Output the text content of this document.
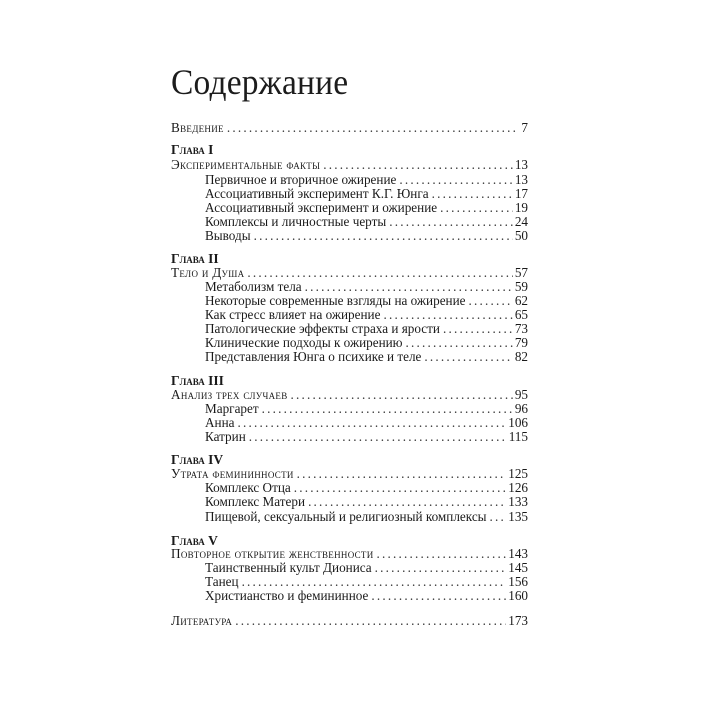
Содержание
Введение .....	7
Глава I
Экспериментальные факты .....	13
Первичное и вторичное ожирение .....	13
Ассоциативный эксперимент К.Г. Юнга .....	17
Ассоциативный эксперимент и ожирение .....	19
Комплексы и личностные черты .....	24
Выводы .....	50
Глава II
Тело и Душа .....	57
Метаболизм тела .....	59
Некоторые современные взгляды на ожирение .....	62
Как стресс влияет на ожирение .....	65
Патологические эффекты страха и ярости .....	73
Клинические подходы к ожирению .....	79
Представления Юнга о психике и теле .....	82
Глава III
Анализ трех случаев .....	95
Маргарет .....	96
Анна .....	106
Катрин .....	115
Глава IV
Утрата фемининности .....	125
Комплекс Отца .....	126
Комплекс Матери .....	133
Пищевой, сексуальный и религиозный комплексы ..... 135
Глава V
Повторное открытие женственности .....	143
Таинственный культ Диониса .....	145
Танец .....	156
Христианство и фемининное .....	160
Литература .....	173
